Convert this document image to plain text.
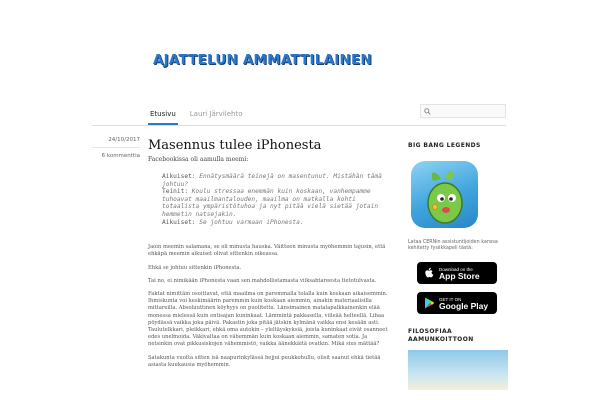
AJATTELUN AMMATTILAINEN
Etusivu Lauri Järvilehto
24/10/2017
6 kommenttia
Masennus tulee iPhonesta
Facebookissa oli aamulla meemi:

Aikuiset: Ennätysmäärä teinejä on masentunut. Mistähän tämä johtuu?

Teinit: Koulu stressaa enemmän kuin koskaan, vanhempamme tuhoavat maailmantalouden, maailma on matkalla kohti totaalista ympäristötuhoa ja nyt pitää vielä sietää jotain hemmetin natsejakin.

Aikuiset: Se johtuu varmaan iPhonesta.

Jaoin meemin salamana, se oli minusta hauska. Väitteen minusta myöhemmin tajusin, että ehkäpä meemin aikuiset olivat sittenkin oikeassa.

Ehkä se johtuu sittenkin iPhonesta.

Tai no, ei nimikään iPhonesta vaan sen mahdollistamasta viiksabtareesta tietotulvasta.

Faktat nimittäin osoittavat, että maailma on paremmalla tolalla kuin koskaan aikaisemmin. Ihmiskunta voi keskimäärin paremmin kuin koskaan aiemmin, ainakin materiaalisilla mittareilla. Absoluuttinen köyhyys on puolitettu. Länsimainen matalapalkkainenkin elää monessa mielessä kuin entisajan kuninkaat. Lämmintä pakkasella, viileää helteellä. Lihaa pöydässä vaikka joka päivä. Pakastin joka pitää jätskin kylmänä vaikka ensi kesään asti. Taulutelkkari, pleikkari, ehkä oma autokin – yleltäyskyksiä, joista kuninkaat eivät osanneet edes unelmoida. Väkivaltaa on vähemmän kuin koskaan aiemmin, samaten sotia. Ja netsinkin ovat pikkusiskojen vähemmistö, vaikka äänekkäitä ovatkin. Mikä sius mättää?

Satakunta vuotta sitten isä naapurinkylässä hejjui puukkohullu, olisit saanut ehkä tietää asiasta kuukausia myöhemmin.

BIG BANG LEGENDS
Lataa CERNin assistuntijoiden kanssa kehitetty fysiikkapeli tästä:
Download on the
App Store
GET IT ON
Google Play
FILOSOFIAA AAMUNKOITTOON
